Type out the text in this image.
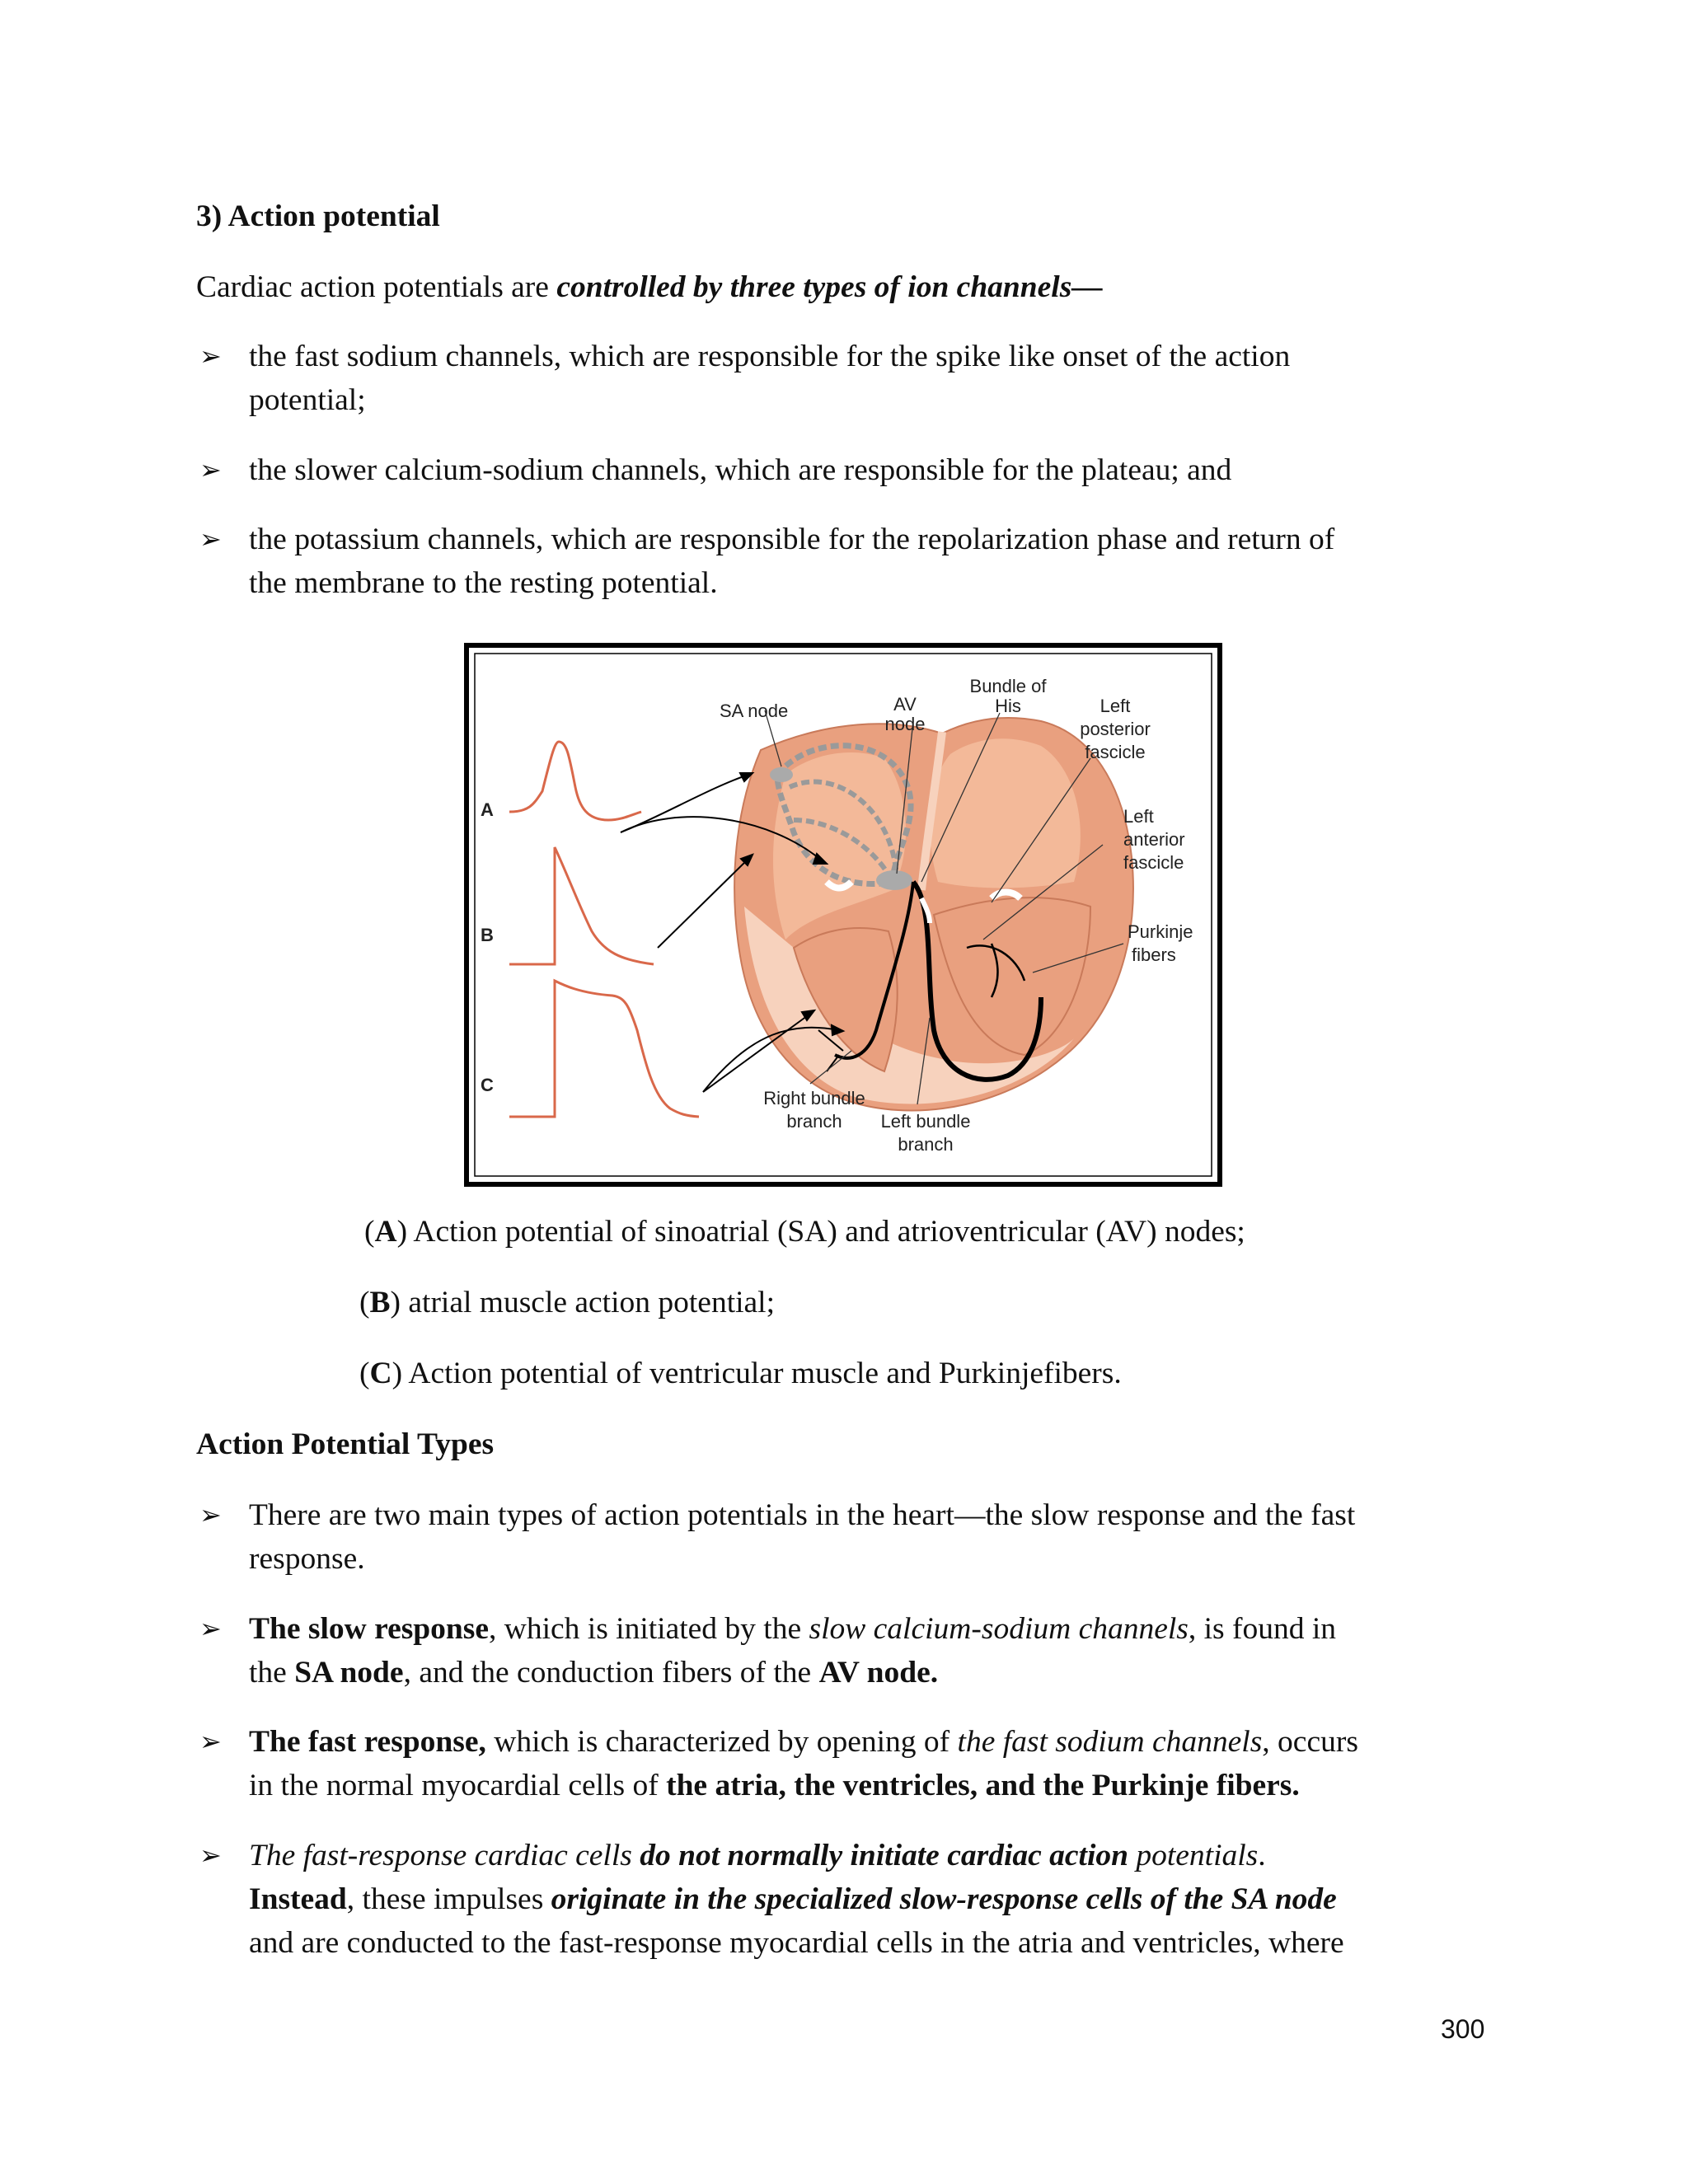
3) Action potential
Cardiac action potentials are controlled by three types of ion channels—
➢ the fast sodium channels, which are responsible for the spike like onset of the action
potential;
➢ the slower calcium-sodium channels, which are responsible for the plateau; and
➢ the potassium channels, which are responsible for the repolarization phase and return of
the membrane to the resting potential.
SA node	AV
node
Bundle of
His	Left
posterior
fascicle
Left
anterior
fascicle
Purkinje
fibers
Right bundle
branch Left bundle
branch
A
B
C
(A) Action potential of sinoatrial (SA) and atrioventricular (AV) nodes;
(B) atrial muscle action potential;
(C) Action potential of ventricular muscle and Purkinjefibers.
Action Potential Types
➢ There are two main types of action potentials in the heart—the slow response and the fast
response.
➢ The slow response, which is initiated by the slow calcium-sodium channels, is found in
the SA node, and the conduction fibers of the AV node.
➢ The fast response, which is characterized by opening of the fast sodium channels, occurs
in the normal myocardial cells of the atria, the ventricles, and the Purkinje fibers.
➢ The fast-response cardiac cells do not normally initiate cardiac action potentials.
Instead, these impulses originate in the specialized slow-response cells of the SA node
and are conducted to the fast-response myocardial cells in the atria and ventricles, where
300
